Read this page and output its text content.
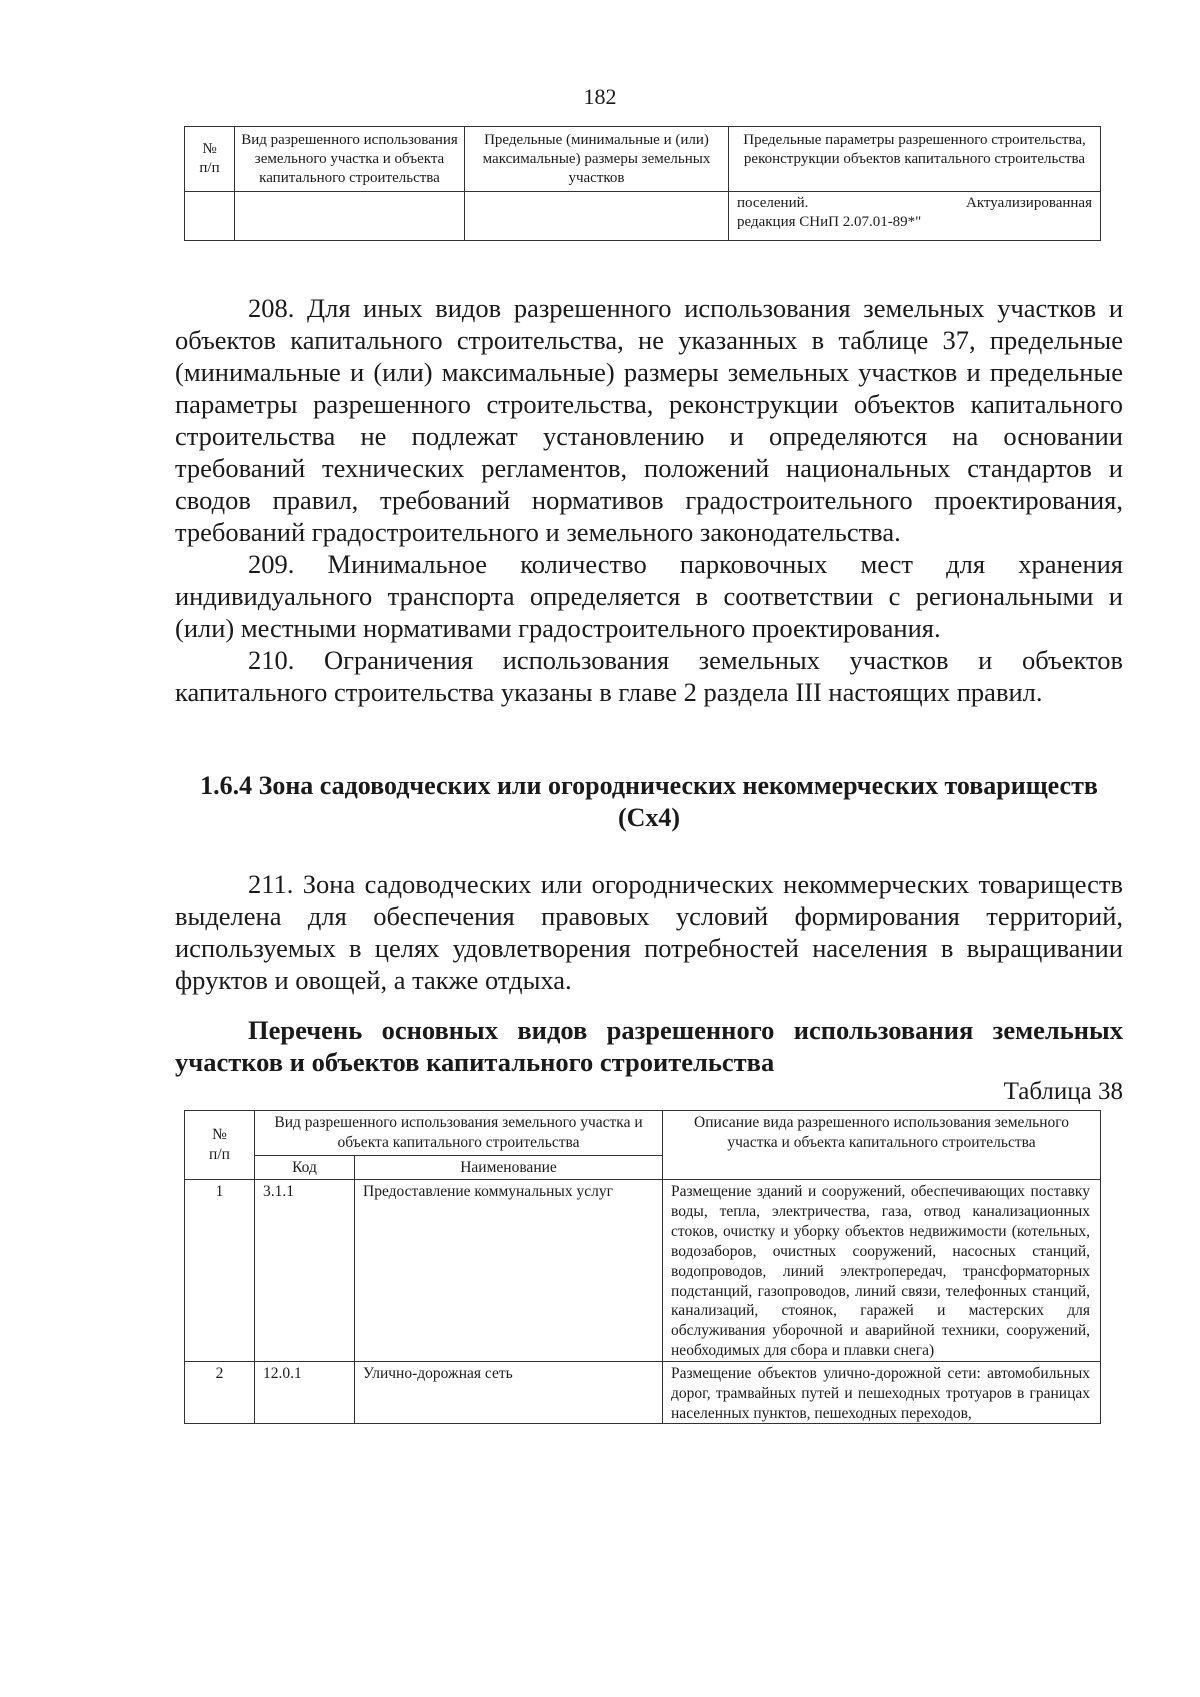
182
№
п/п	Вид разрешенного использования земельного участка и объекта капитального строительства	Предельные (минимальные и (или) максимальные) размеры земельных участков	Предельные параметры разрешенного строительства, реконструкции объектов капитального строительства

			поселений. Актуализированная
редакция СНиП 2.07.01-89*"

208. Для иных видов разрешенного использования земельных участков и объектов капитального строительства, не указанных в таблице 37, предельные (минимальные и (или) максимальные) размеры земельных участков и предельные параметры разрешенного строительства, реконструкции объектов капитального строительства не подлежат установлению и определяются на основании требований технических регламентов, положений национальных стандартов и сводов правил, требований нормативов градостроительного проектирования, требований градостроительного и земельного законодательства.

209. Минимальное количество парковочных мест для хранения индивидуального транспорта определяется в соответствии с региональными и (или) местными нормативами градостроительного проектирования.

210. Ограничения использования земельных участков и объектов капитального строительства указаны в главе 2 раздела III настоящих правил.

1.6.4 Зона садоводческих или огороднических некоммерческих товариществ (Сх4)

211. Зона садоводческих или огороднических некоммерческих товариществ выделена для обеспечения правовых условий формирования территорий, используемых в целях удовлетворения потребностей населения в выращивании фруктов и овощей, а также отдыха.

Перечень основных видов разрешенного использования земельных участков и объектов капитального строительства
Таблица 38
№
п/п	Вид разрешенного использования земельного участка и объекта капитального строительства		Описание вида разрешенного использования земельного участка и объекта капитального строительства
	Код	Наименование	
1	3.1.1	Предоставление коммунальных услуг	Размещение зданий и сооружений, обеспечивающих поставку воды, тепла, электричества, газа, отвод канализационных стоков, очистку и уборку объектов недвижимости (котельных, водозаборов, очистных сооружений, насосных станций, водопроводов, линий электропередач, трансформаторных подстанций, газопроводов, линий связи, телефонных станций, канализаций, стоянок, гаражей и мастерских для обслуживания уборочной и аварийной техники, сооружений, необходимых для сбора и плавки снега)
2	12.0.1	Улично-дорожная сеть	Размещение объектов улично-дорожной сети: автомобильных дорог, трамвайных путей и пешеходных тротуаров в границах населенных пунктов, пешеходных переходов,
